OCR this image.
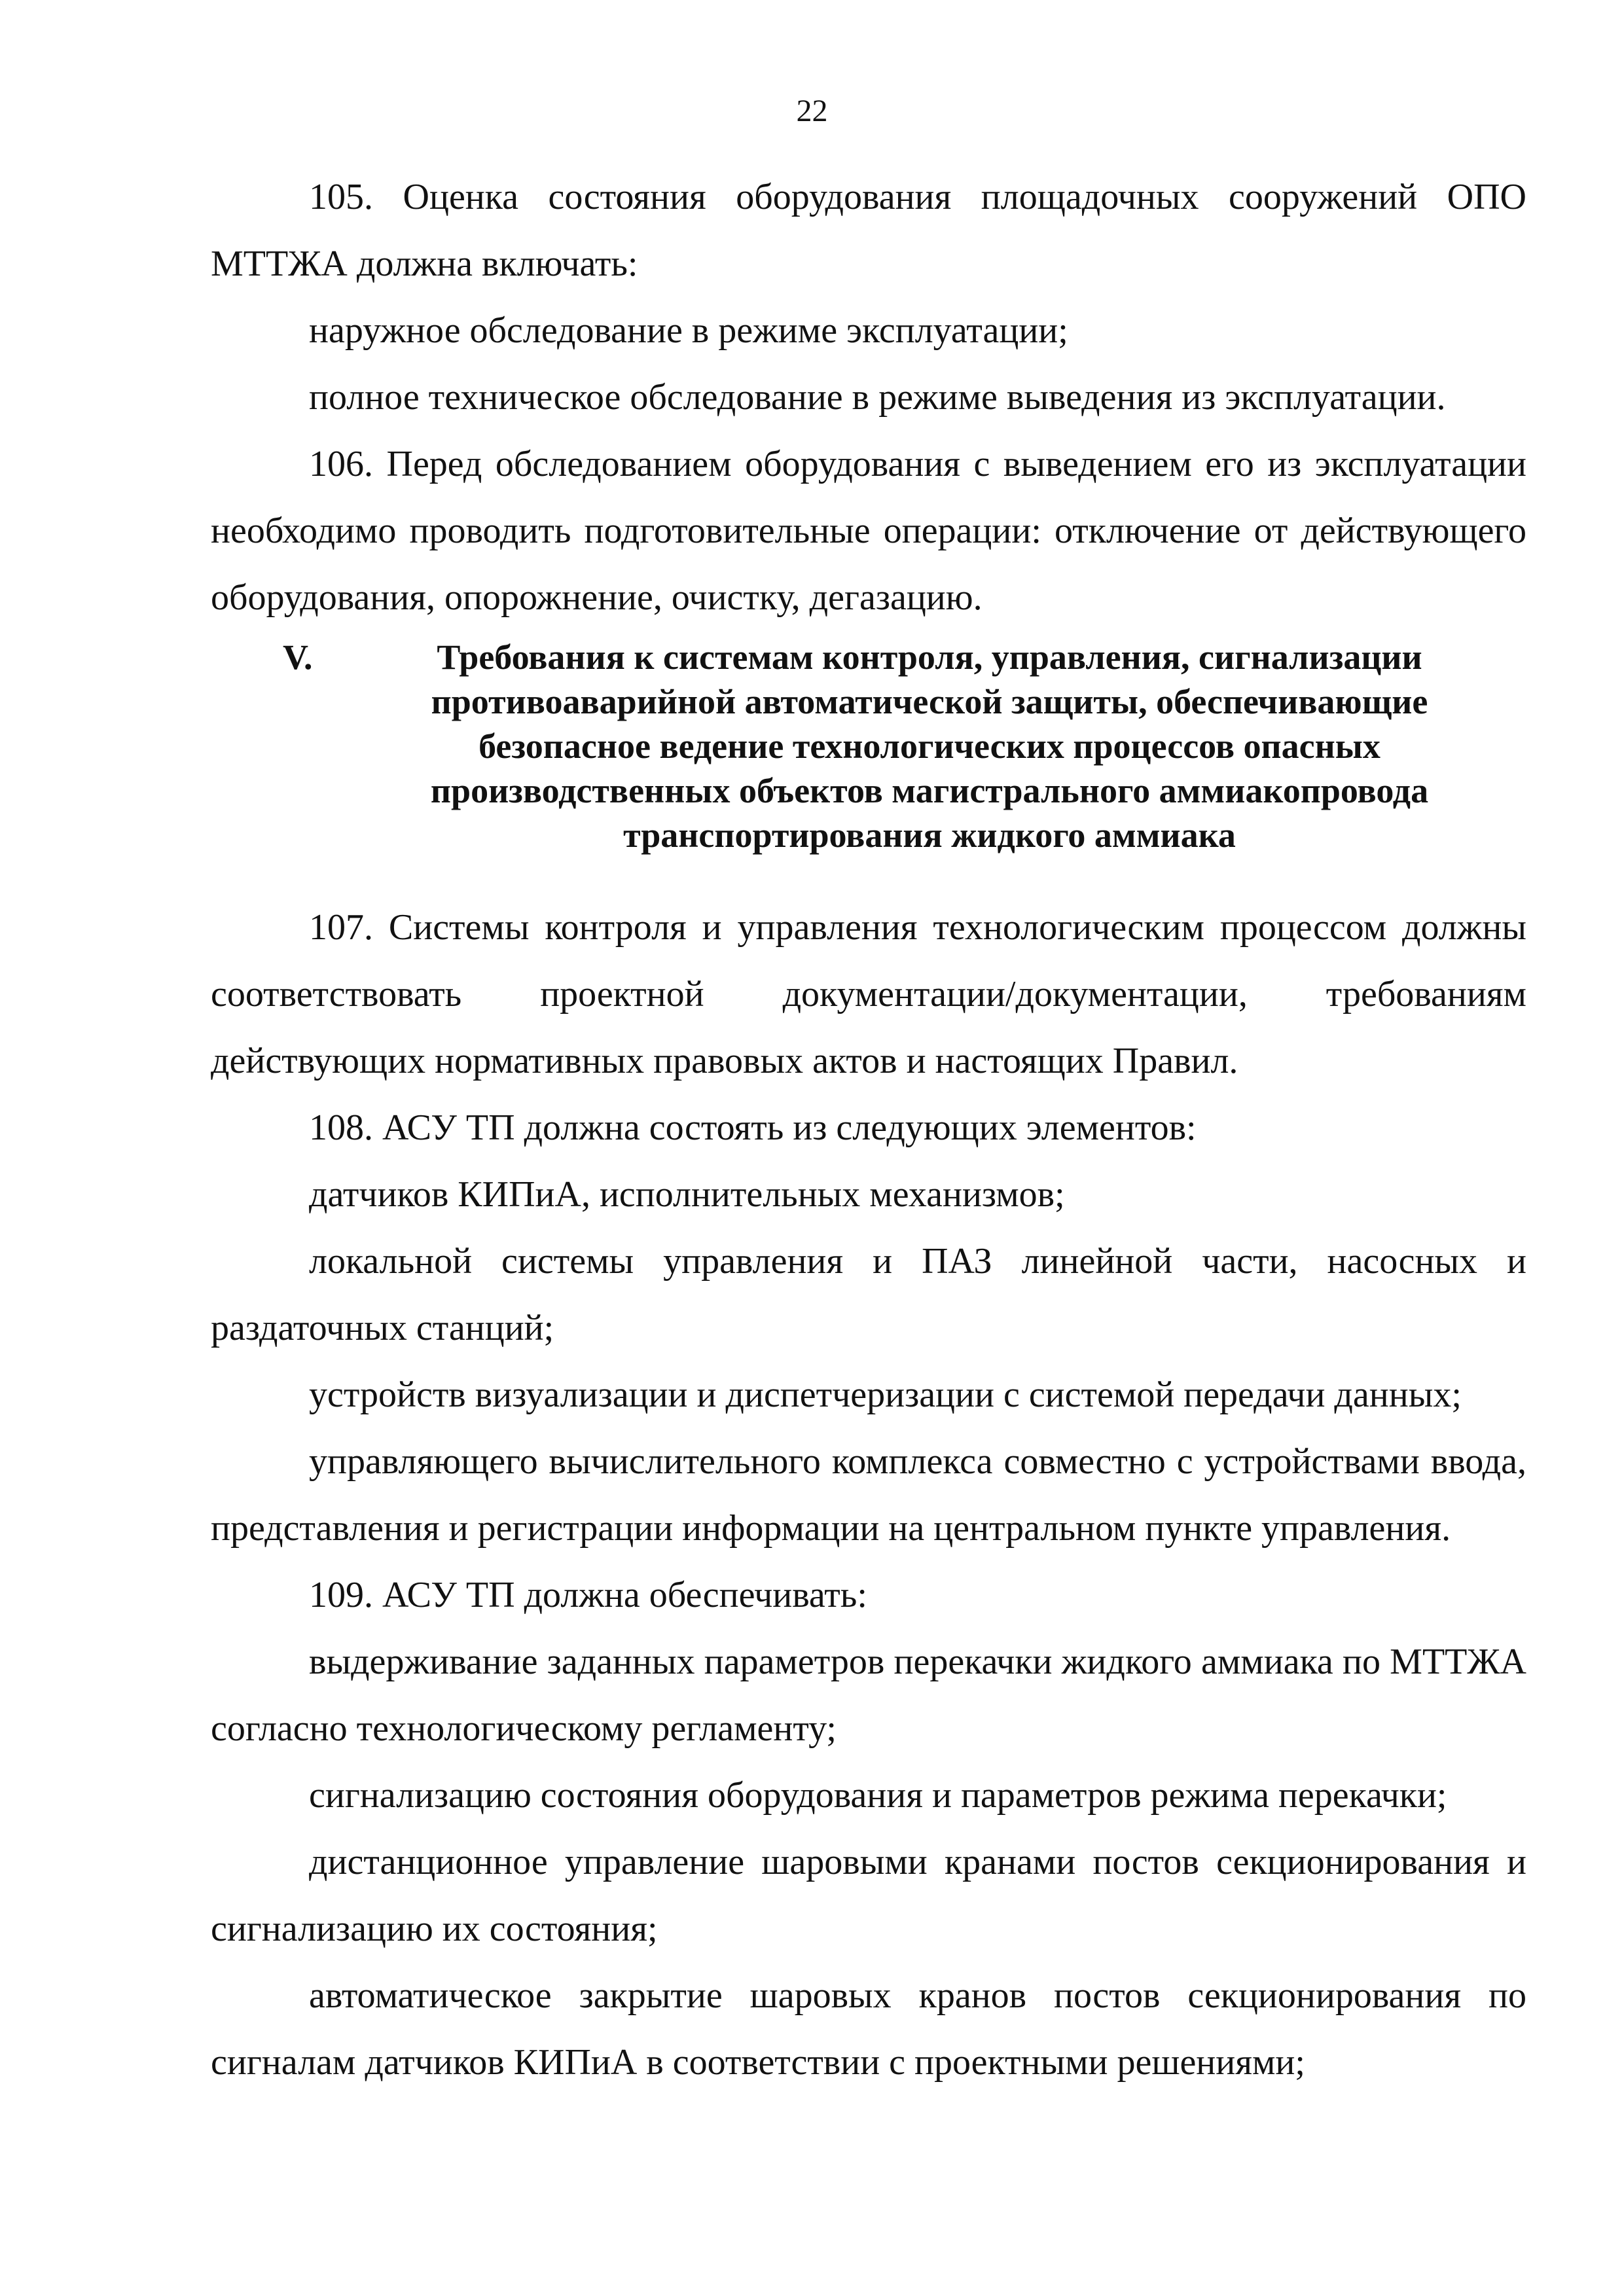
22

105. Оценка состояния оборудования площадочных сооружений ОПО МТТЖА должна включать:

наружное обследование в режиме эксплуатации;

полное техническое обследование в режиме выведения из эксплуатации.

106. Перед обследованием оборудования с выведением его из эксплуатации необходимо проводить подготовительные операции: отключение от действующего оборудования, опорожнение, очистку, дегазацию.

V.	Требования к системам контроля, управления, сигнализации противоаварийной автоматической защиты, обеспечивающие безопасное ведение технологических процессов опасных производственных объектов магистрального аммиакопровода транспортирования жидкого аммиака

107. Системы контроля и управления технологическим процессом должны соответствовать проектной документации/документации, требованиям действующих нормативных правовых актов и настоящих Правил.

108. АСУ ТП должна состоять из следующих элементов:

датчиков КИПиА, исполнительных механизмов;

локальной системы управления и ПАЗ линейной части, насосных и раздаточных станций;

устройств визуализации и диспетчеризации с системой передачи данных;

управляющего вычислительного комплекса совместно с устройствами ввода, представления и регистрации информации на центральном пункте управления.

109. АСУ ТП должна обеспечивать:

выдерживание заданных параметров перекачки жидкого аммиака по МТТЖА согласно технологическому регламенту;

сигнализацию состояния оборудования и параметров режима перекачки;

дистанционное управление шаровыми кранами постов секционирования и сигнализацию их состояния;

автоматическое закрытие шаровых кранов постов секционирования по сигналам датчиков КИПиА в соответствии с проектными решениями;
